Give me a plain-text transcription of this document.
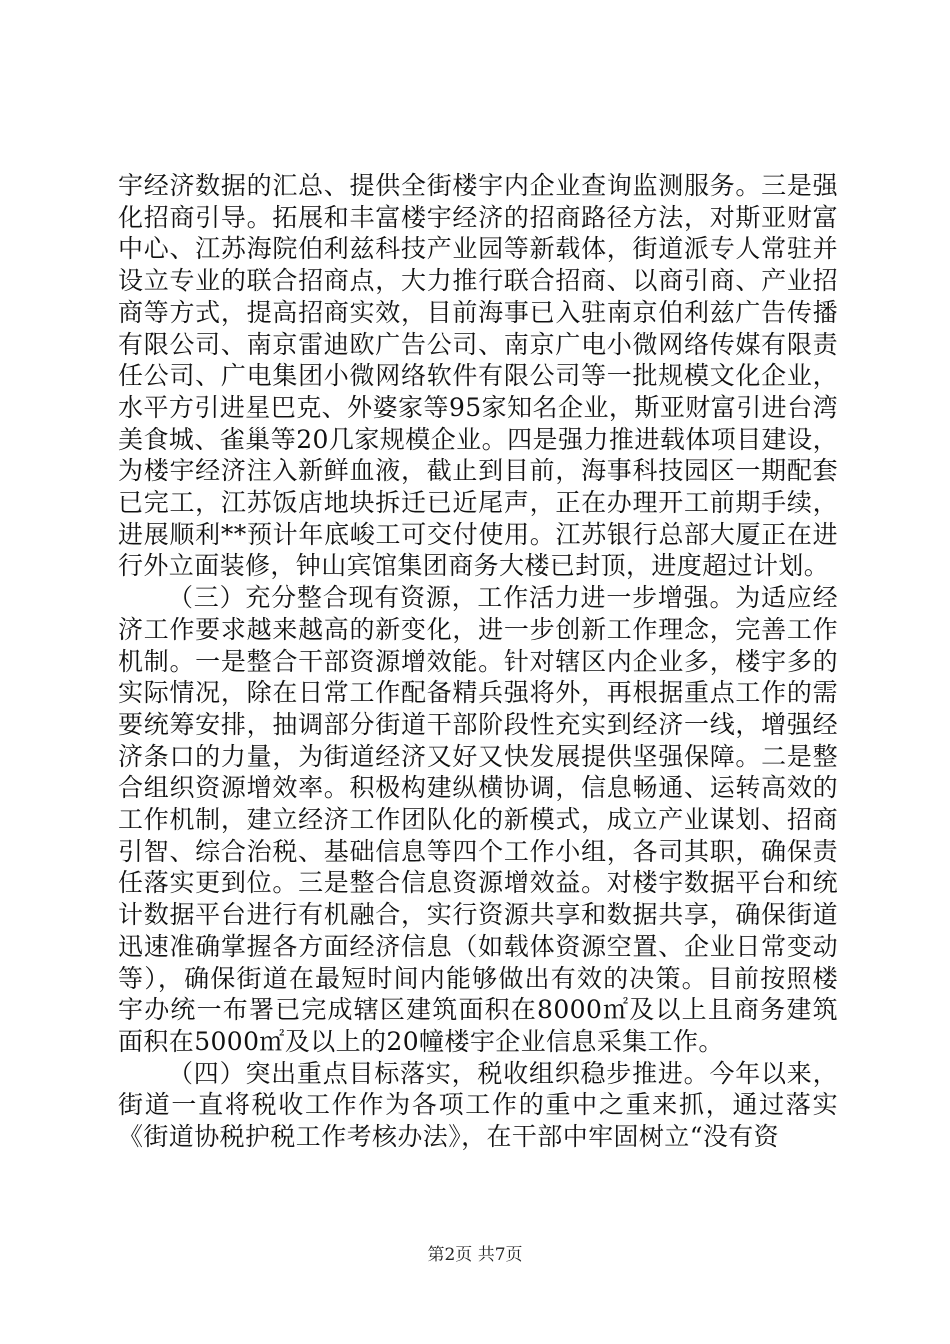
宇经济数据的汇总、提供全街楼宇内企业查询监测服务。三是强化招商引导。拓展和丰富楼宇经济的招商路径方法，对斯亚财富中心、江苏海院伯利兹科技产业园等新载体，街道派专人常驻并设立专业的联合招商点，大力推行联合招商、以商引商、产业招商等方式，提高招商实效，目前海事已入驻南京伯利兹广告传播有限公司、南京雷迪欧广告公司、南京广电小微网络传媒有限责任公司、广电集团小微网络软件有限公司等一批规模文化企业，水平方引进星巴克、外婆家等95家知名企业，斯亚财富引进台湾美食城、雀巢等20几家规模企业。四是强力推进载体项目建设，为楼宇经济注入新鲜血液，截止到目前，海事科技园区一期配套已完工，江苏饭店地块拆迁已近尾声，正在办理开工前期手续，进展顺利**预计年底峻工可交付使用。江苏银行总部大厦正在进行外立面装修，钟山宾馆集团商务大楼已封顶，进度超过计划。

（三）充分整合现有资源，工作活力进一步增强。为适应经济工作要求越来越高的新变化，进一步创新工作理念，完善工作机制。一是整合干部资源增效能。针对辖区内企业多，楼宇多的实际情况，除在日常工作配备精兵强将外，再根据重点工作的需要统筹安排，抽调部分街道干部阶段性充实到经济一线，增强经济条口的力量，为街道经济又好又快发展提供坚强保障。二是整合组织资源增效率。积极构建纵横协调，信息畅通、运转高效的工作机制，建立经济工作团队化的新模式，成立产业谋划、招商引智、综合治税、基础信息等四个工作小组，各司其职，确保责任落实更到位。三是整合信息资源增效益。对楼宇数据平台和统计数据平台进行有机融合，实行资源共享和数据共享，确保街道迅速准确掌握各方面经济信息（如载体资源空置、企业日常变动等），确保街道在最短时间内能够做出有效的决策。目前按照楼宇办统一布署已完成辖区建筑面积在8000㎡及以上且商务建筑面积在5000㎡及以上的20幢楼宇企业信息采集工作。

（四）突出重点目标落实，税收组织稳步推进。今年以来，街道一直将税收工作作为各项工作的重中之重来抓，通过落实《街道协税护税工作考核办法》，在干部中牢固树立“没有资

第2页 共7页
